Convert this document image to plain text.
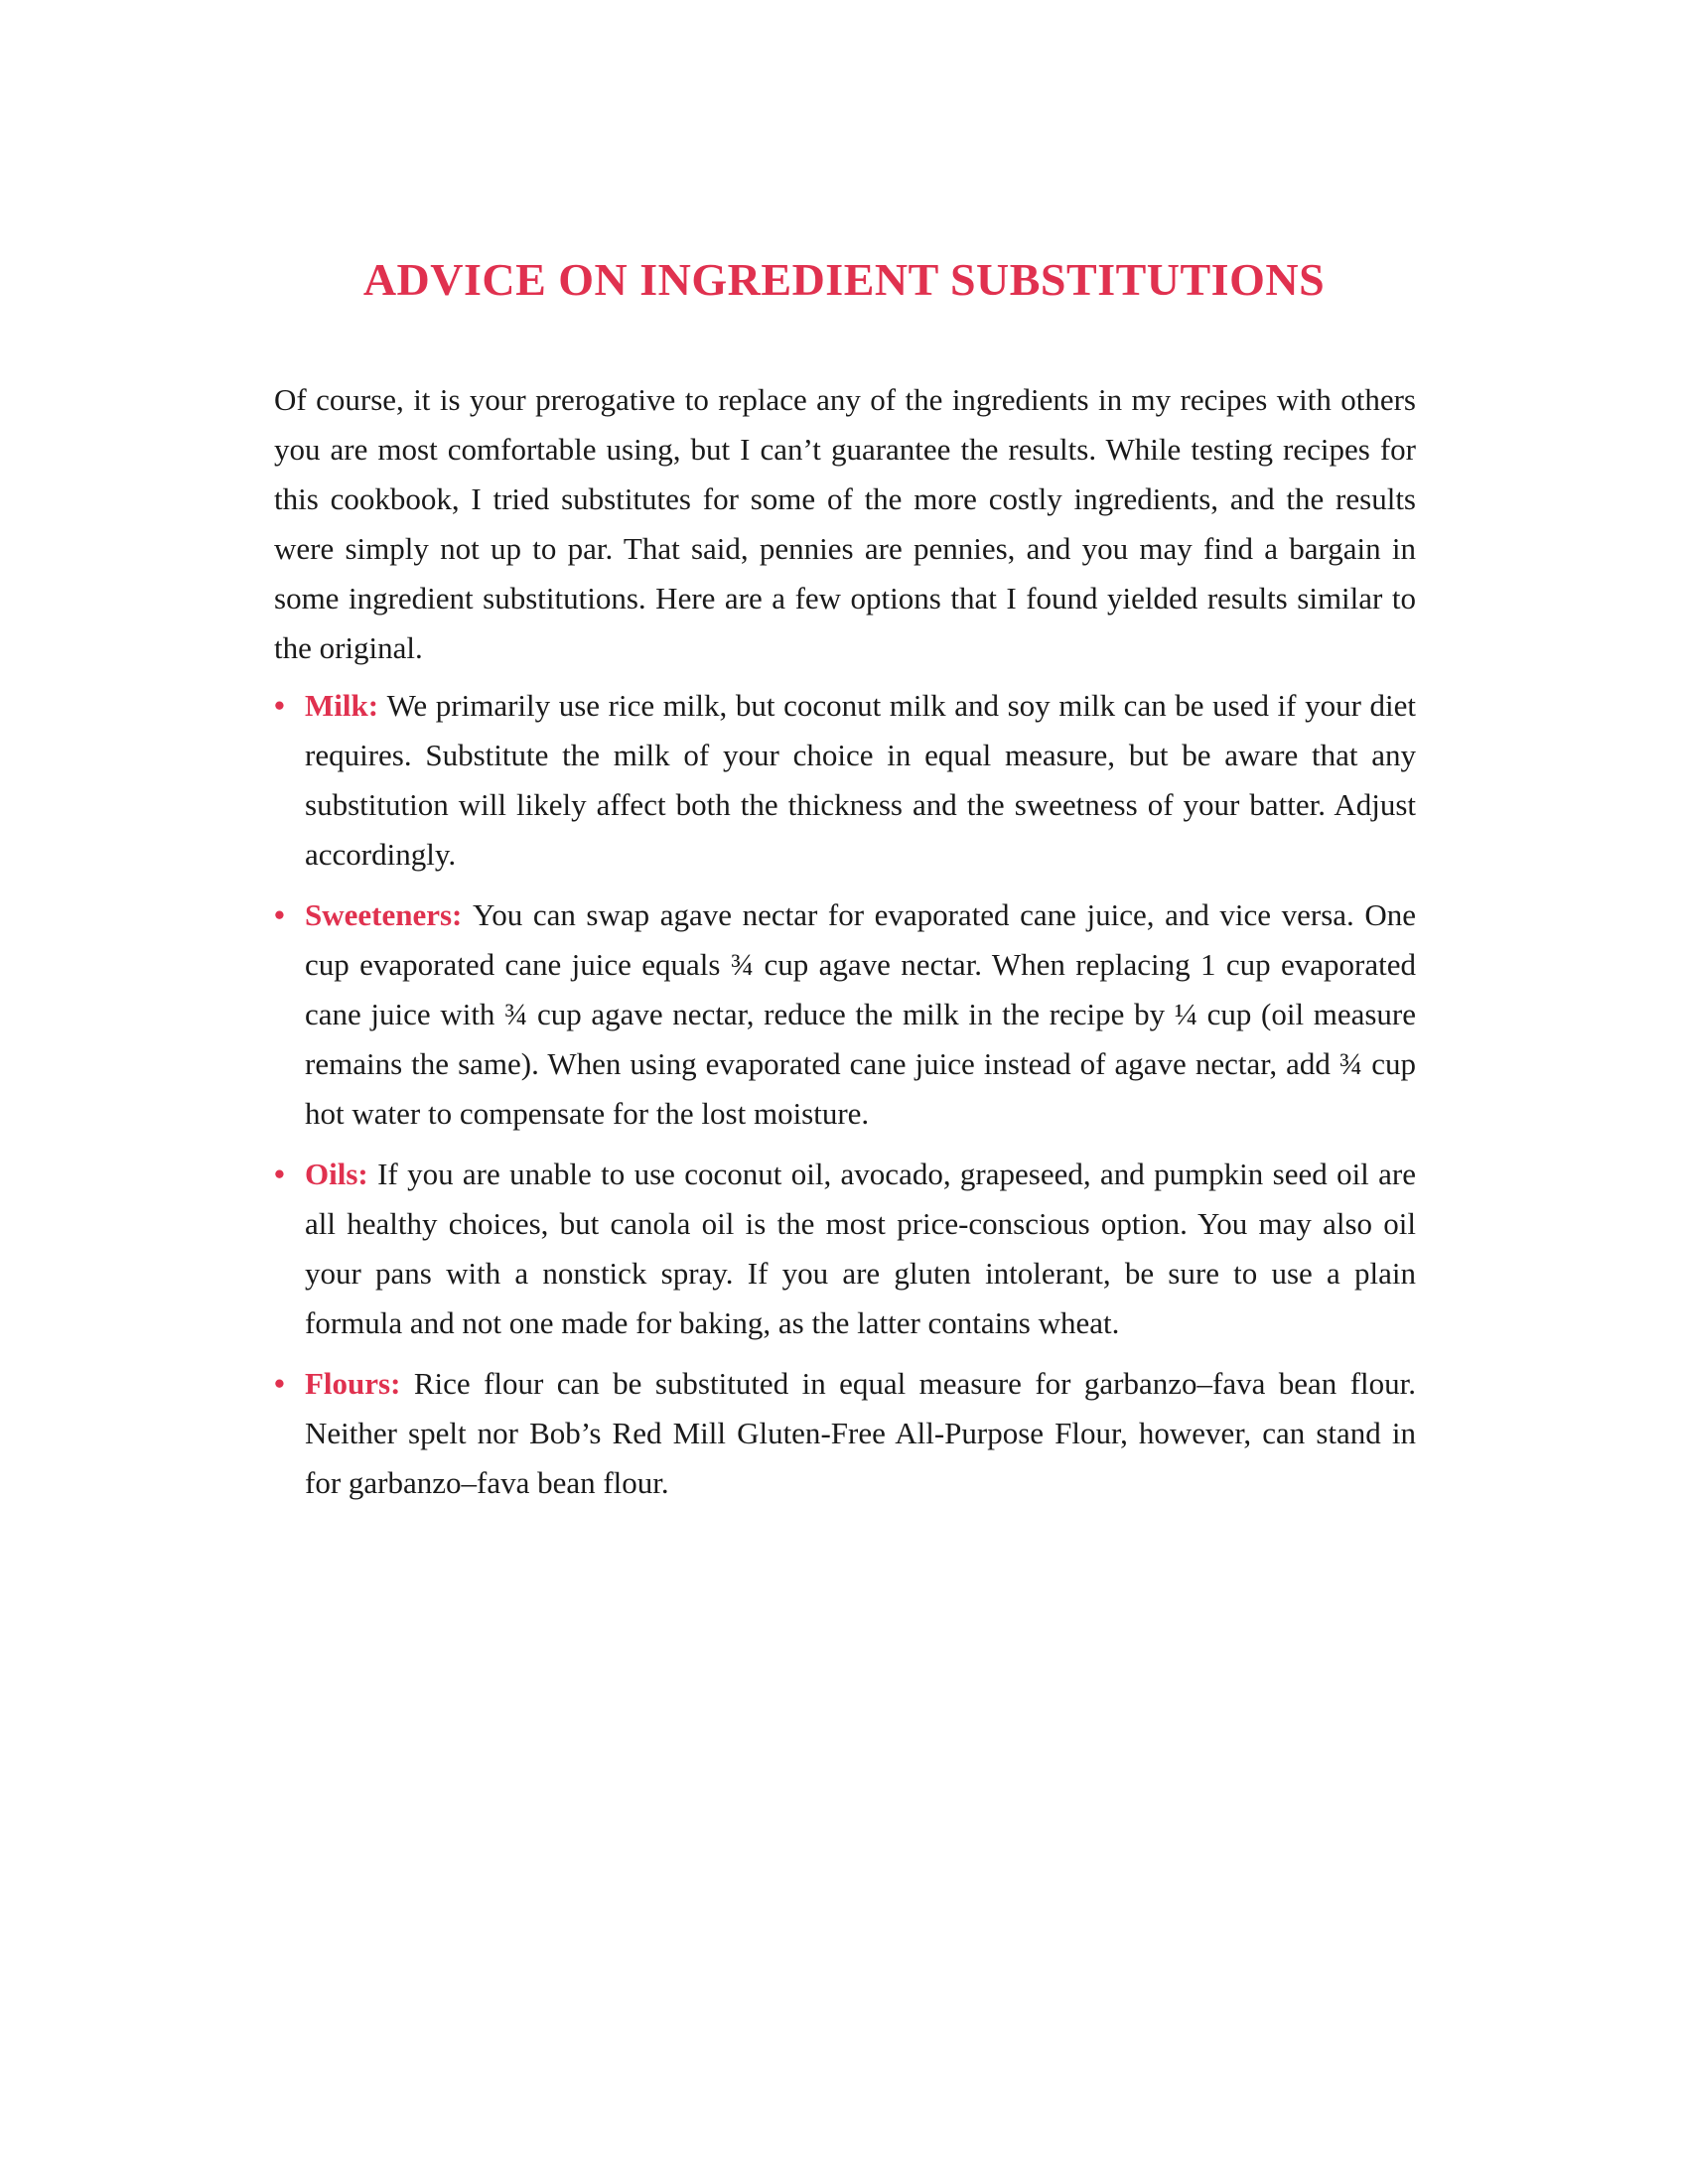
ADVICE ON INGREDIENT SUBSTITUTIONS

Of course, it is your prerogative to replace any of the ingredients in my recipes with others you are most comfortable using, but I can’t guarantee the results. While testing recipes for this cookbook, I tried substitutes for some of the more costly ingredients, and the results were simply not up to par. That said, pennies are pennies, and you may find a bargain in some ingredient substitutions. Here are a few options that I found yielded results similar to the original.

• Milk: We primarily use rice milk, but coconut milk and soy milk can be used if your diet requires. Substitute the milk of your choice in equal measure, but be aware that any substitution will likely affect both the thickness and the sweetness of your batter. Adjust accordingly.
• Sweeteners: You can swap agave nectar for evaporated cane juice, and vice versa. One cup evaporated cane juice equals ¾ cup agave nectar. When replacing 1 cup evaporated cane juice with ¾ cup agave nectar, reduce the milk in the recipe by ¼ cup (oil measure remains the same). When using evaporated cane juice instead of agave nectar, add ¾ cup hot water to compensate for the lost moisture.
• Oils: If you are unable to use coconut oil, avocado, grapeseed, and pumpkin seed oil are all healthy choices, but canola oil is the most price-conscious option. You may also oil your pans with a nonstick spray. If you are gluten intolerant, be sure to use a plain formula and not one made for baking, as the latter contains wheat.
• Flours: Rice flour can be substituted in equal measure for garbanzo–fava bean flour. Neither spelt nor Bob’s Red Mill Gluten-Free All-Purpose Flour, however, can stand in for garbanzo–fava bean flour.
